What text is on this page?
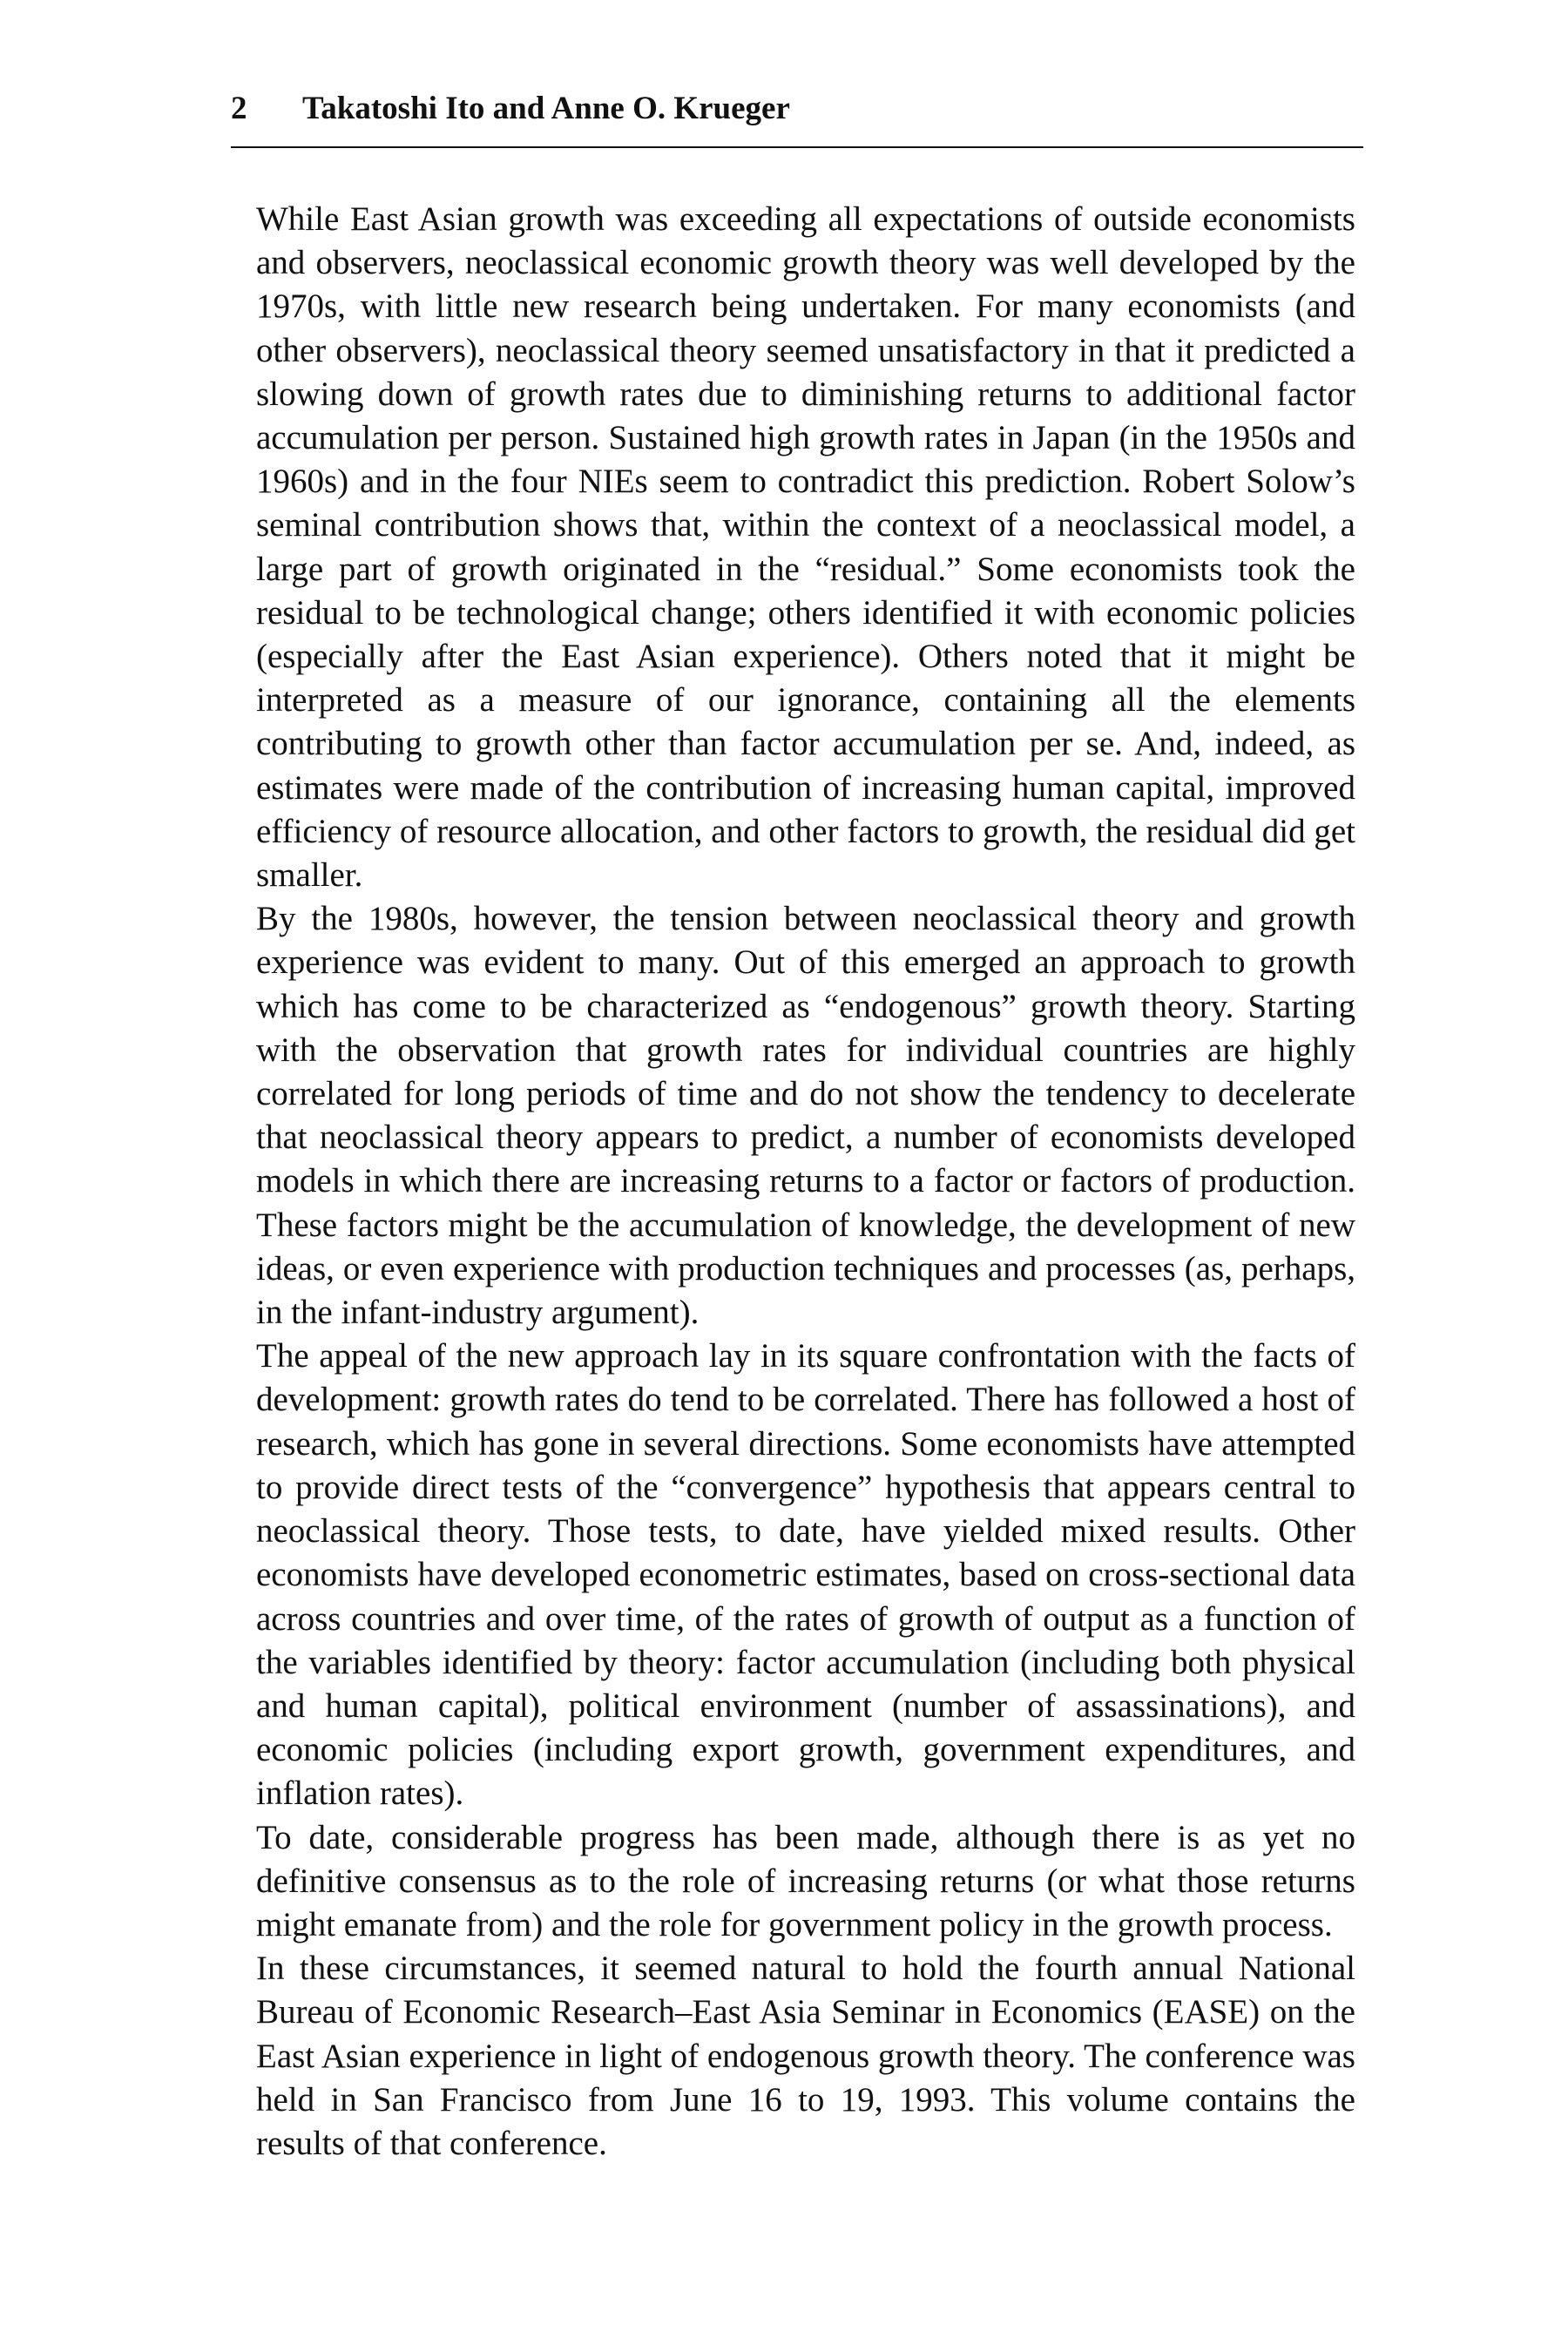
2 Takatoshi Ito and Anne O. Krueger

While East Asian growth was exceeding all expectations of outside economists and observers, neoclassical economic growth theory was well developed by the 1970s, with little new research being undertaken. For many economists (and other observers), neoclassical theory seemed unsatisfactory in that it predicted a slowing down of growth rates due to diminishing returns to additional factor accumulation per person. Sustained high growth rates in Japan (in the 1950s and 1960s) and in the four NIEs seem to contradict this prediction. Robert Solow’s seminal contribution shows that, within the context of a neoclassical model, a large part of growth originated in the “residual.” Some economists took the residual to be technological change; others identified it with economic policies (especially after the East Asian experience). Others noted that it might be interpreted as a measure of our ignorance, containing all the elements contributing to growth other than factor accumulation per se. And, indeed, as estimates were made of the contribution of increasing human capital, improved efficiency of resource allocation, and other factors to growth, the residual did get smaller.

By the 1980s, however, the tension between neoclassical theory and growth experience was evident to many. Out of this emerged an approach to growth which has come to be characterized as “endogenous” growth theory. Starting with the observation that growth rates for individual countries are highly correlated for long periods of time and do not show the tendency to decelerate that neoclassical theory appears to predict, a number of economists developed models in which there are increasing returns to a factor or factors of production. These factors might be the accumulation of knowledge, the development of new ideas, or even experience with production techniques and processes (as, perhaps, in the infant-industry argument).

The appeal of the new approach lay in its square confrontation with the facts of development: growth rates do tend to be correlated. There has followed a host of research, which has gone in several directions. Some economists have attempted to provide direct tests of the “convergence” hypothesis that appears central to neoclassical theory. Those tests, to date, have yielded mixed results. Other economists have developed econometric estimates, based on cross-sectional data across countries and over time, of the rates of growth of output as a function of the variables identified by theory: factor accumulation (including both physical and human capital), political environment (number of assassinations), and economic policies (including export growth, government expenditures, and inflation rates).

To date, considerable progress has been made, although there is as yet no definitive consensus as to the role of increasing returns (or what those returns might emanate from) and the role for government policy in the growth process.

In these circumstances, it seemed natural to hold the fourth annual National Bureau of Economic Research–East Asia Seminar in Economics (EASE) on the East Asian experience in light of endogenous growth theory. The conference was held in San Francisco from June 16 to 19, 1993. This volume contains the results of that conference.
